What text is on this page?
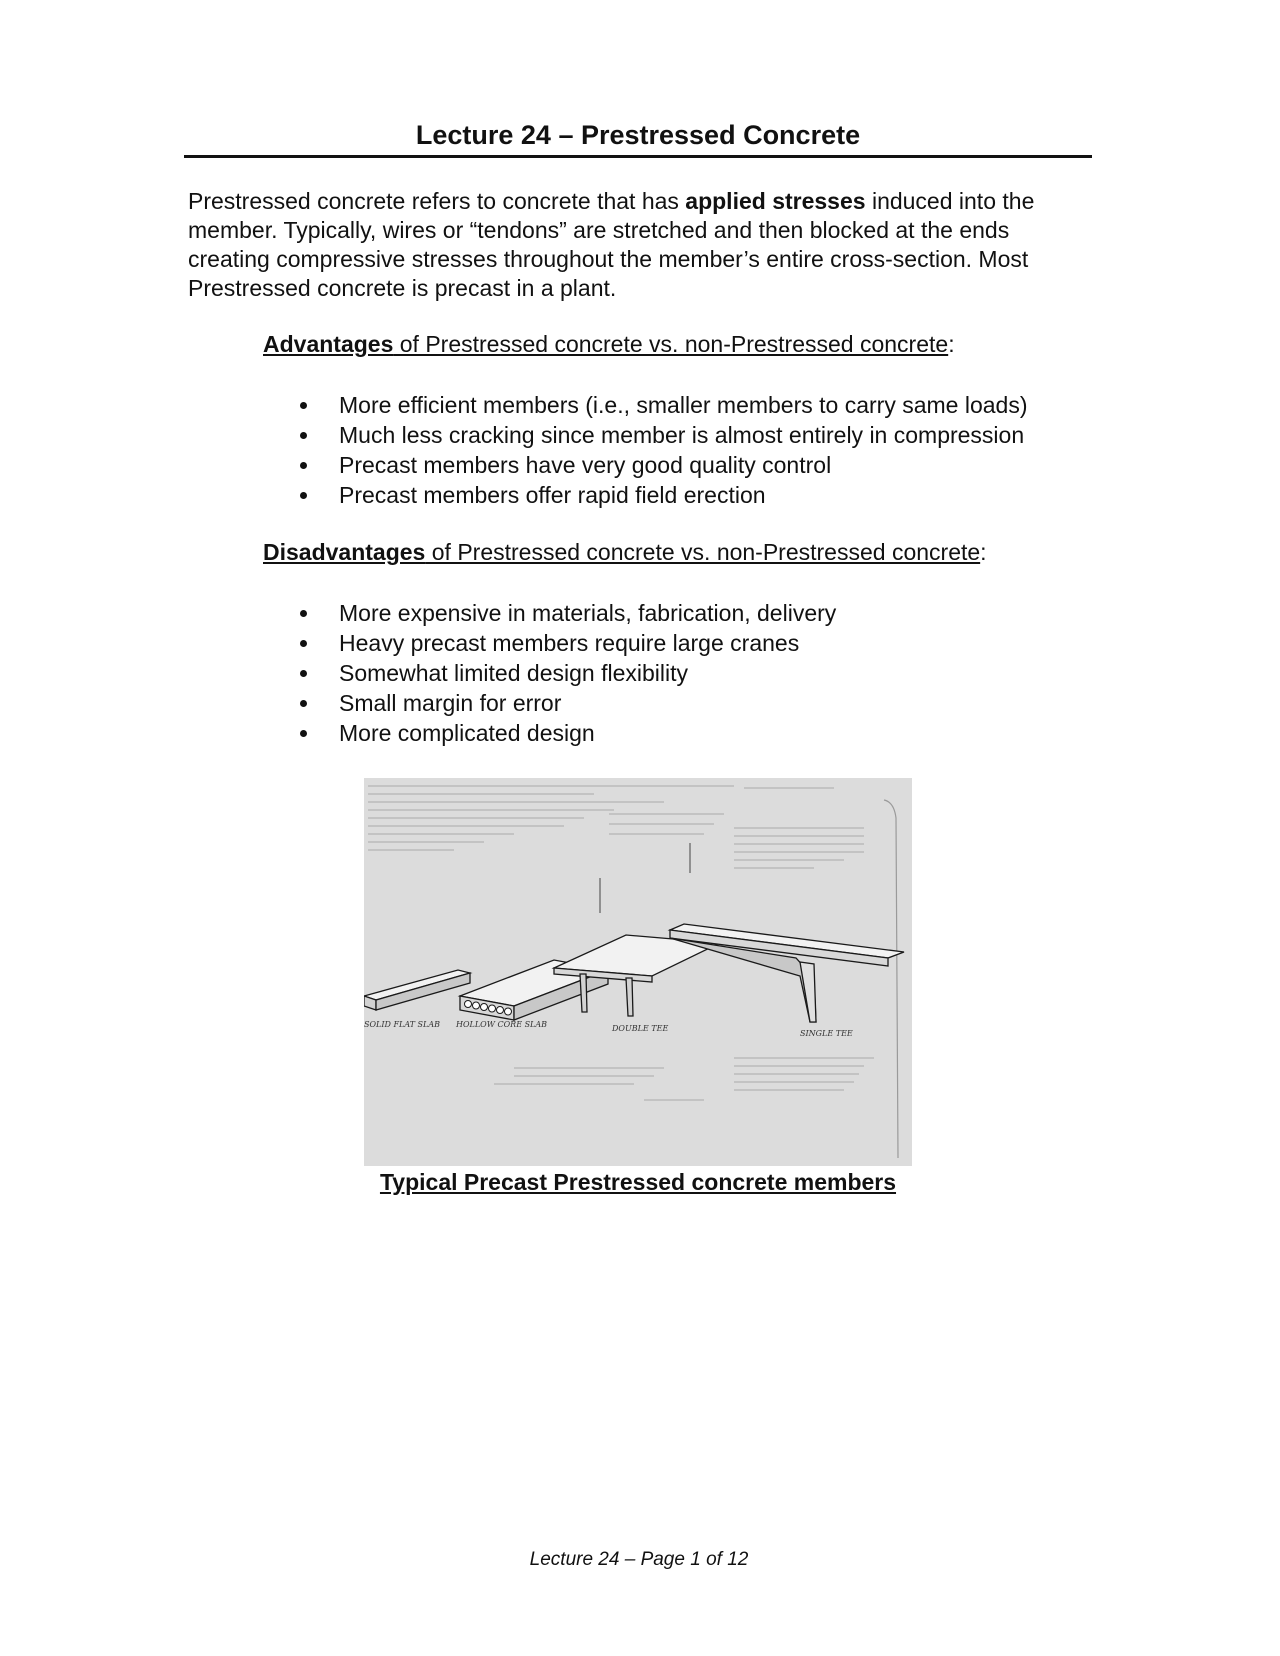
Lecture 24 – Prestressed Concrete

Prestressed concrete refers to concrete that has applied stresses induced into the member. Typically, wires or “tendons” are stretched and then blocked at the ends creating compressive stresses throughout the member’s entire cross-section. Most Prestressed concrete is precast in a plant.

Advantages of Prestressed concrete vs. non-Prestressed concrete:

More efficient members (i.e., smaller members to carry same loads)
Much less cracking since member is almost entirely in compression
Precast members have very good quality control
Precast members offer rapid field erection

Disadvantages of Prestressed concrete vs. non-Prestressed concrete:

More expensive in materials, fabrication, delivery
Heavy precast members require large cranes
Somewhat limited design flexibility
Small margin for error
More complicated design
SOLID FLAT SLAB HOLLOW CORE SLAB	DOUBLE TEE
SINGLE TEE

Typical Precast Prestressed concrete members

Lecture 24 – Page 1 of 12
